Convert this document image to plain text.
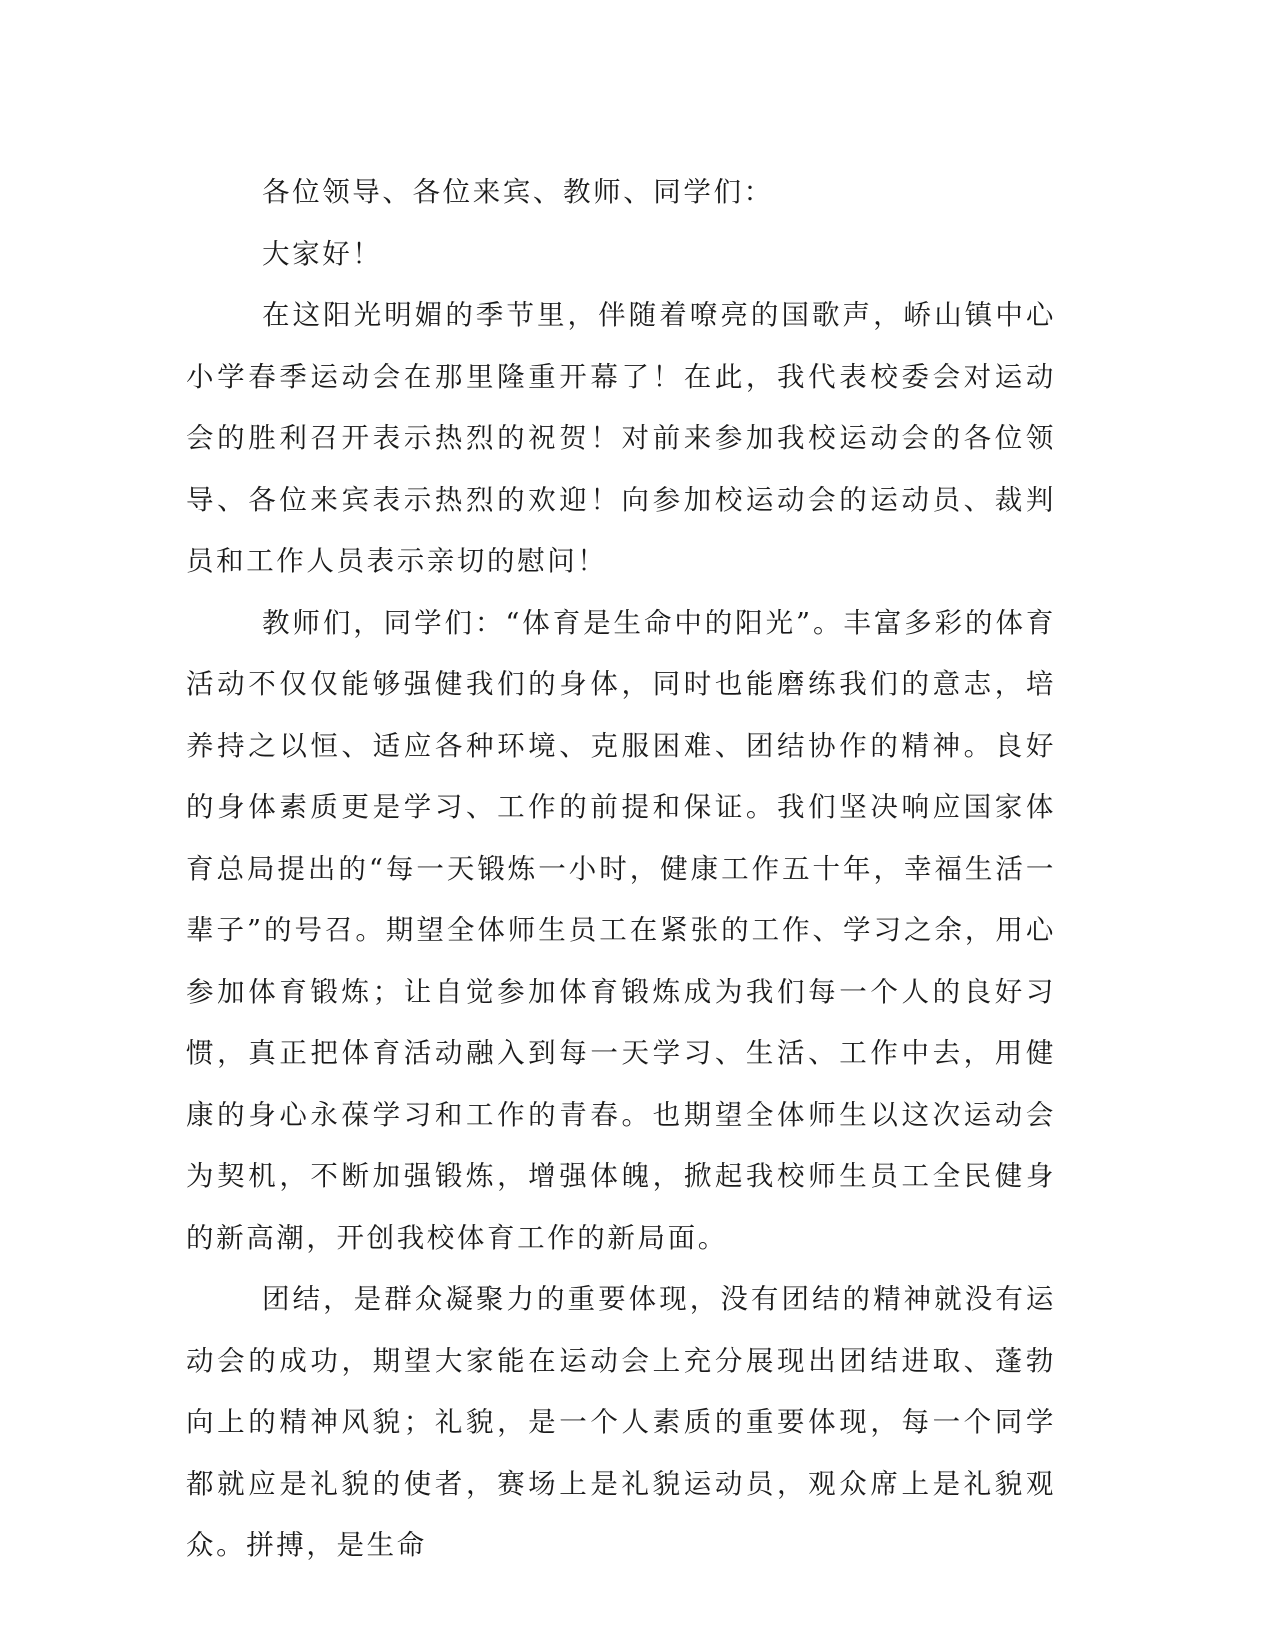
各位领导、各位来宾、教师、同学们：

大家好！

在这阳光明媚的季节里，伴随着嘹亮的国歌声，峤山镇中心小学春季运动会在那里隆重开幕了！在此，我代表校委会对运动会的胜利召开表示热烈的祝贺！对前来参加我校运动会的各位领导、各位来宾表示热烈的欢迎！向参加校运动会的运动员、裁判员和工作人员表示亲切的慰问！

教师们，同学们：“体育是生命中的阳光”。丰富多彩的体育活动不仅仅能够强健我们的身体，同时也能磨练我们的意志，培养持之以恒、适应各种环境、克服困难、团结协作的精神。良好的身体素质更是学习、工作的前提和保证。我们坚决响应国家体育总局提出的“每一天锻炼一小时，健康工作五十年，幸福生活一辈子”的号召。期望全体师生员工在紧张的工作、学习之余，用心参加体育锻炼；让自觉参加体育锻炼成为我们每一个人的良好习惯，真正把体育活动融入到每一天学习、生活、工作中去，用健康的身心永葆学习和工作的青春。也期望全体师生以这次运动会为契机，不断加强锻炼，增强体魄，掀起我校师生员工全民健身的新高潮，开创我校体育工作的新局面。

团结，是群众凝聚力的重要体现，没有团结的精神就没有运动会的成功，期望大家能在运动会上充分展现出团结进取、蓬勃向上的精神风貌；礼貌，是一个人素质的重要体现，每一个同学都就应是礼貌的使者，赛场上是礼貌运动员，观众席上是礼貌观众。拼搏，是生命
